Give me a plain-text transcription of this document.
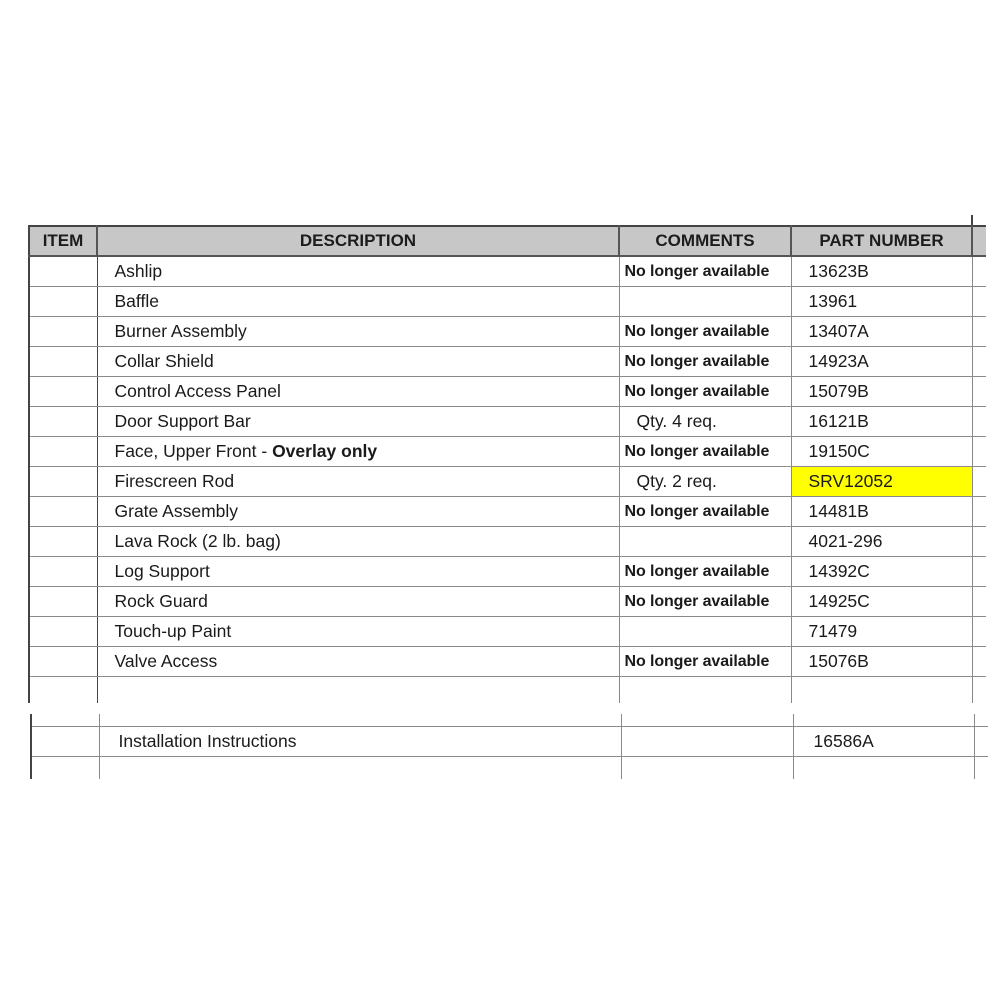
ITEM	DESCRIPTION	COMMENTS	PART NUMBER	
	Ashlip	No longer available	13623B	
	Baffle		13961	
	Burner Assembly	No longer available	13407A	
	Collar Shield	No longer available	14923A	
	Control Access Panel	No longer available	15079B	
	Door Support Bar	Qty. 4 req.	16121B	
	Face, Upper Front - Overlay only	No longer available	19150C	
	Firescreen Rod	Qty. 2 req.	SRV12052	
	Grate Assembly	No longer available	14481B	
	Lava Rock (2 lb. bag)		4021-296	
	Log Support	No longer available	14392C	
	Rock Guard	No longer available	14925C	
	Touch-up Paint		71479	
	Valve Access	No longer available	15076B	

	Installation Instructions		16586A	
